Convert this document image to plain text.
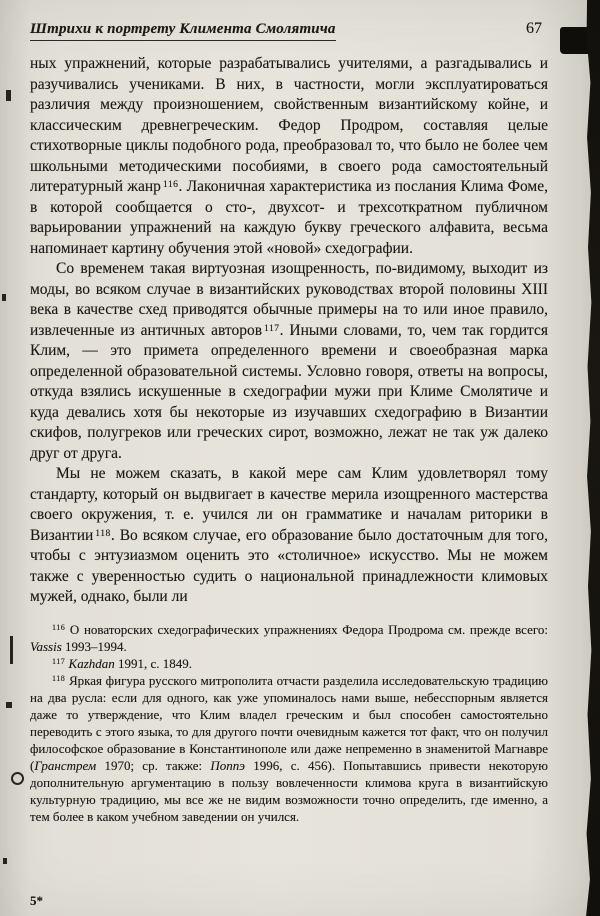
Штрихи к портрету Климента Смолятича	67

ных упражнений, которые разрабатывались учителями, а разгадывались и разучивались учениками. В них, в частности, могли эксплуатироваться различия между произношением, свойственным византийскому койне, и классическим древнегреческим. Федор Продром, составляя целые стихотворные циклы подобного рода, преобразовал то, что было не более чем школьными методическими пособиями, в своего рода самостоятельный литературный жанр $^{116}$. Лаконичная характеристика из послания Клима Фоме, в которой сообщается о сто-, двухсот- и трехсоткратном публичном варьировании упражнений на каждую букву греческого алфавита, весьма напоминает картину обучения этой «новой» схедографии.

Со временем такая виртуозная изощренность, по-видимому, выходит из моды, во всяком случае в византийских руководствах второй половины XIII века в качестве схед приводятся обычные примеры на то или иное правило, извлеченные из античных авторов $^{117}$. Иными словами, то, чем так гордится Клим, — это примета определенного времени и своеобразная марка определенной образовательной системы. Условно говоря, ответы на вопросы, откуда взялись искушенные в схедографии мужи при Климе Смолятиче и куда девались хотя бы некоторые из изучавших схедографию в Византии скифов, полугреков или греческих сирот, возможно, лежат не так уж далеко друг от друга.

Мы не можем сказать, в какой мере сам Клим удовлетворял тому стандарту, который он выдвигает в качестве мерила изощренного мастерства своего окружения, т. е. учился ли он грамматике и началам риторики в Византии $^{118}$. Во всяком случае, его образование было достаточным для того, чтобы с энтузиазмом оценить это «столичное» искусство. Мы не можем также с уверенностью судить о национальной принадлежности климовых мужей, однако, были ли

$^{116}$ О новаторских схедографических упражнениях Федора Продрома см. прежде всего: Vassis 1993–1994.

$^{117}$ Kazhdan 1991, с. 1849.

$^{118}$ Яркая фигура русского митрополита отчасти разделила исследовательскую традицию на два русла: если для одного, как уже упоминалось нами выше, небесспорным является даже то утверждение, что Клим владел греческим и был способен самостоятельно переводить с этого языка, то для другого почти очевидным кажется тот факт, что он получил философское образование в Константинополе или даже непременно в знаменитой Магнавре (Гранстрем 1970; ср. также: Поппэ 1996, с. 456). Попытавшись привести некоторую дополнительную аргументацию в пользу вовлеченности климова круга в византийскую культурную традицию, мы все же не видим возможности точно определить, где именно, а тем более в каком учебном заведении он учился.

5*
